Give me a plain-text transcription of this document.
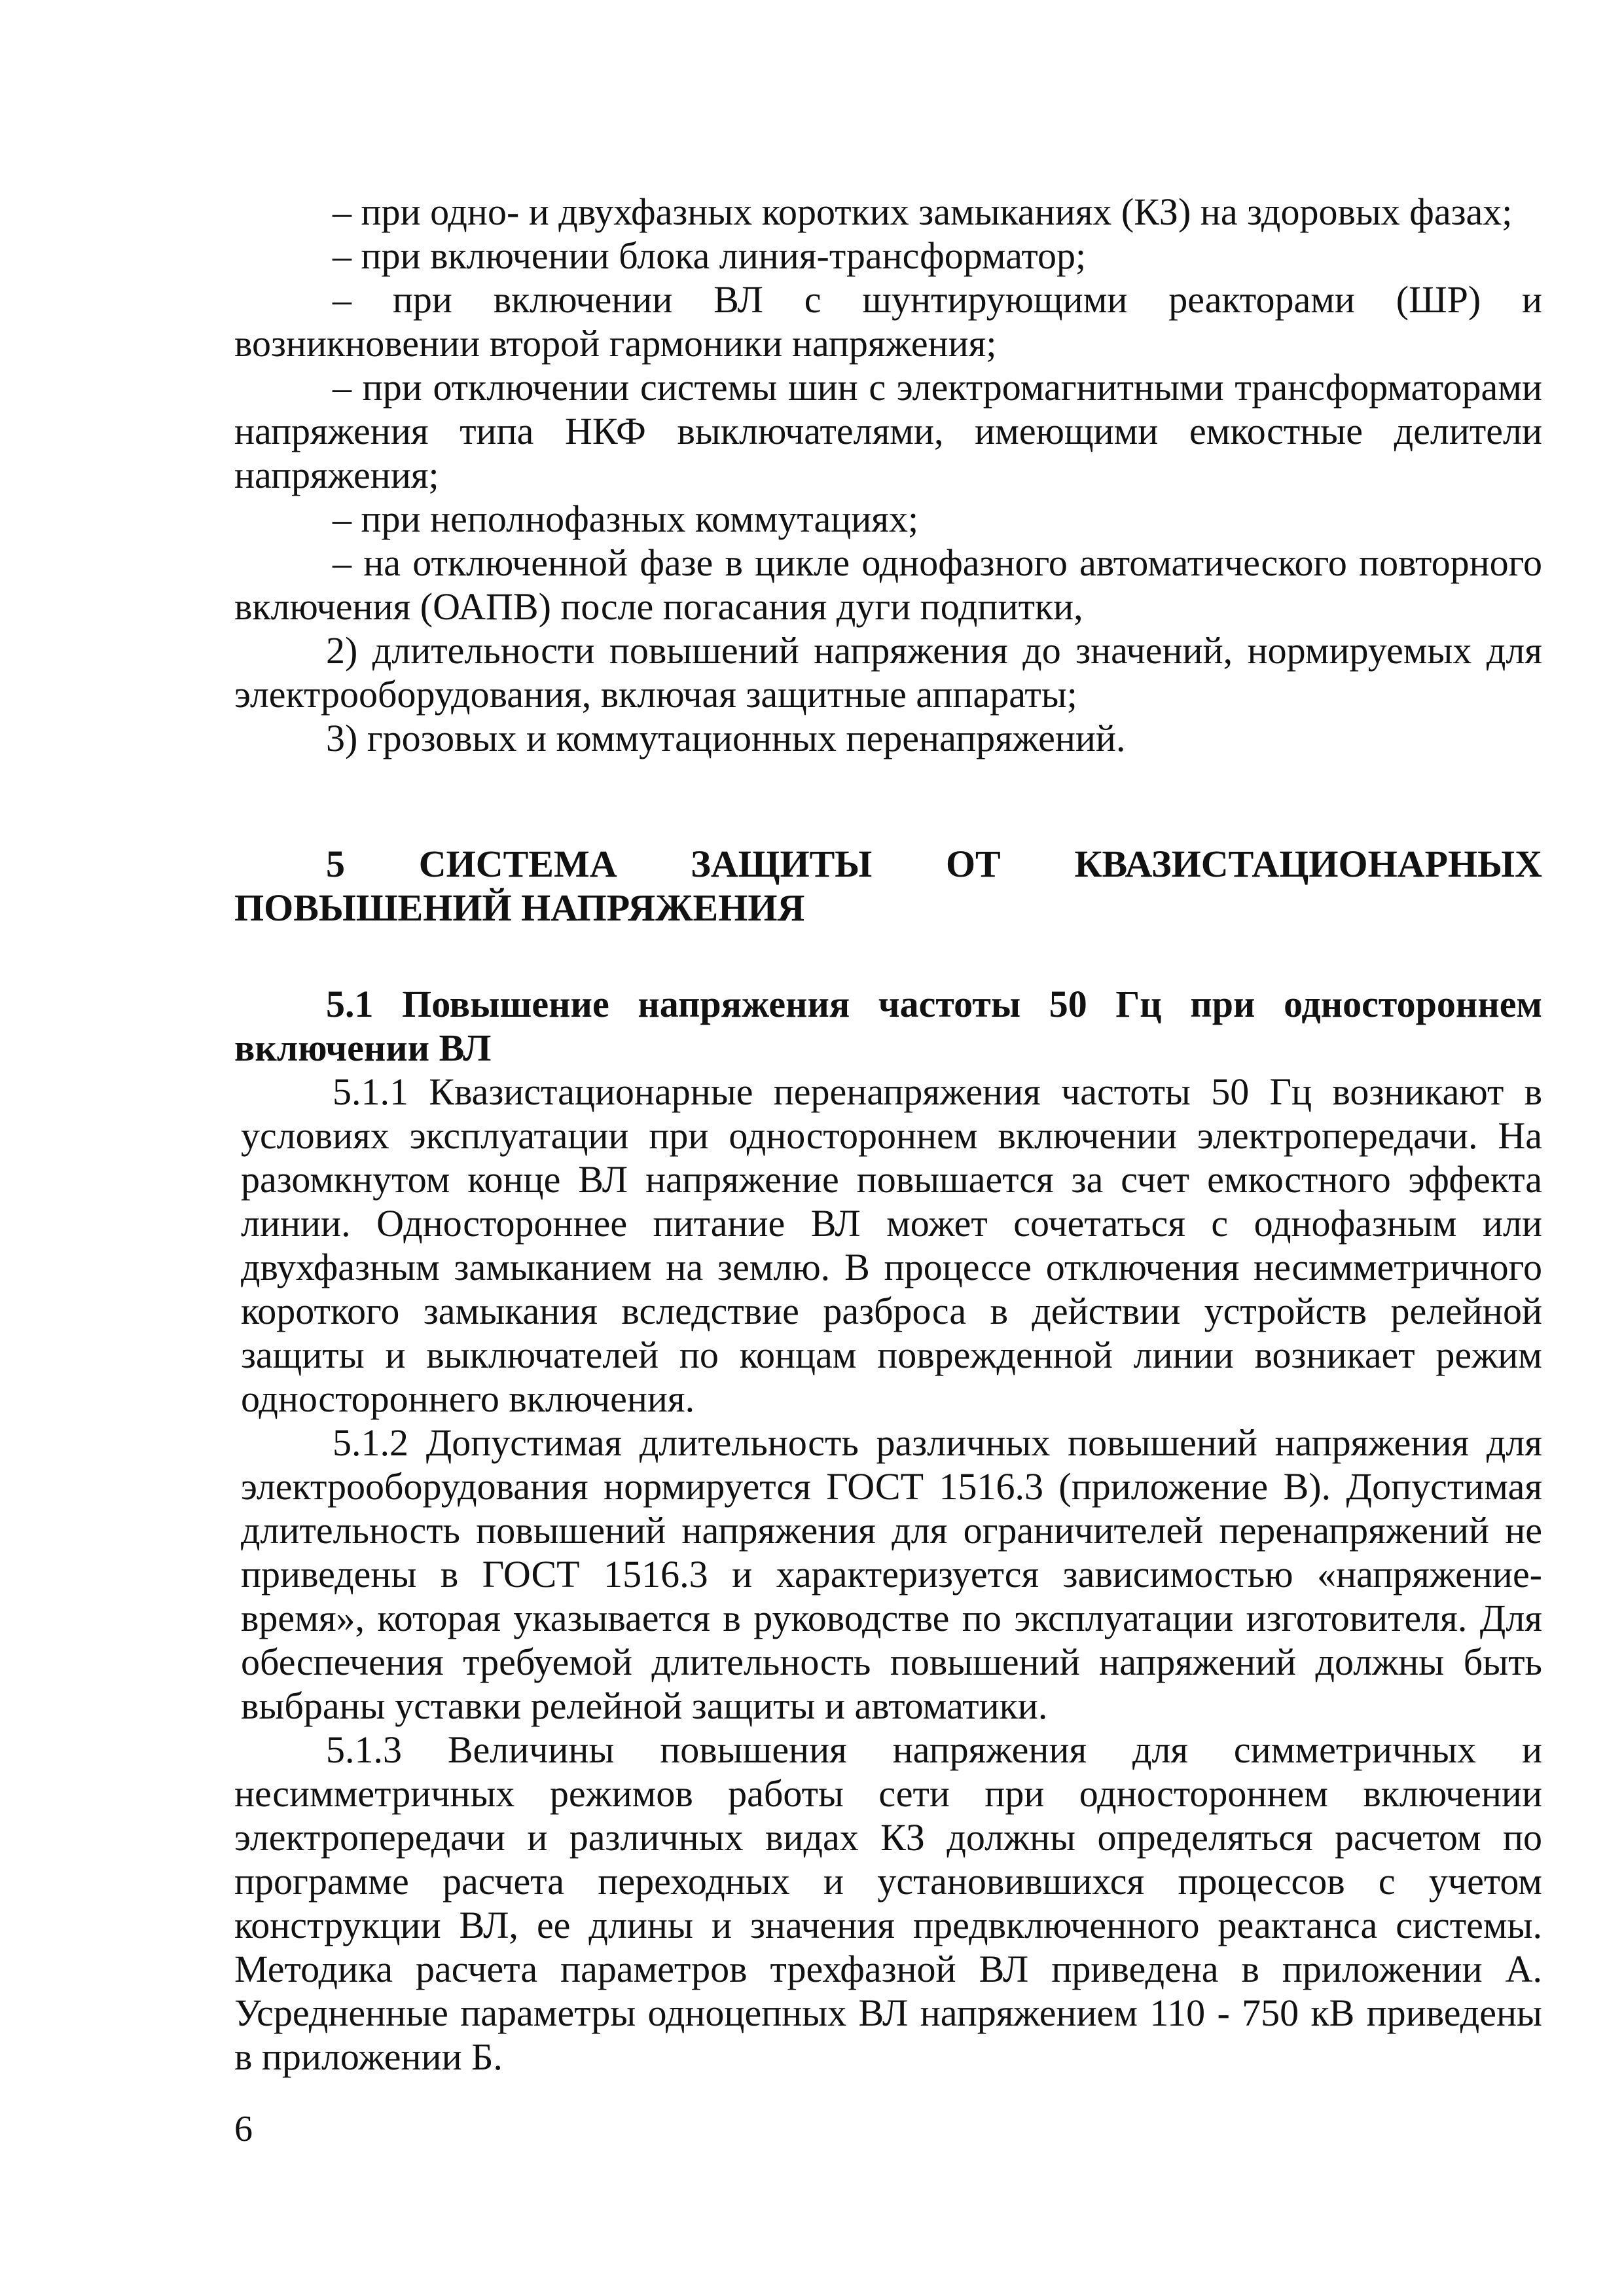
– при одно- и двухфазных коротких замыканиях (КЗ) на здоровых фазах;

– при включении блока линия-трансформатор;

– при включении ВЛ с шунтирующими реакторами (ШР) и возникновении второй гармоники напряжения;

– при отключении системы шин с электромагнитными трансформаторами напряжения типа НКФ выключателями, имеющими емкостные делители напряжения;

– при неполнофазных коммутациях;

– на отключенной фазе в цикле однофазного автоматического повторного включения (ОАПВ) после погасания дуги подпитки,

2) длительности повышений напряжения до значений, нормируемых для электрооборудования, включая защитные аппараты;

3) грозовых и коммутационных перенапряжений.

5 СИСТЕМА ЗАЩИТЫ ОТ КВАЗИСТАЦИОНАРНЫХ ПОВЫШЕНИЙ НАПРЯЖЕНИЯ

5.1 Повышение напряжения частоты 50 Гц при одностороннем включении ВЛ

5.1.1 Квазистационарные перенапряжения частоты 50 Гц возникают в условиях эксплуатации при одностороннем включении электропередачи. На разомкнутом конце ВЛ напряжение повышается за счет емкостного эффекта линии. Одностороннее питание ВЛ может сочетаться с однофазным или двухфазным замыканием на землю. В процессе отключения несимметричного короткого замыкания вследствие разброса в действии устройств релейной защиты и выключателей по концам поврежденной линии возникает режим одностороннего включения.

5.1.2 Допустимая длительность различных повышений напряжения для электрооборудования нормируется ГОСТ 1516.3 (приложение В). Допустимая длительность повышений напряжения для ограничителей перенапряжений не приведены в ГОСТ 1516.3 и характеризуется зависимостью «напряжение-время», которая указывается в руководстве по эксплуатации изготовителя. Для обеспечения требуемой длительность повышений напряжений должны быть выбраны уставки релейной защиты и автоматики.

5.1.3 Величины повышения напряжения для симметричных и несимметричных режимов работы сети при одностороннем включении электропередачи и различных видах КЗ должны определяться расчетом по программе расчета переходных и установившихся процессов с учетом конструкции ВЛ, ее длины и значения предвключенного реактанса системы. Методика расчета параметров трехфазной ВЛ приведена в приложении А. Усредненные параметры одноцепных ВЛ напряжением 110 - 750 кВ приведены в приложении Б.

6
